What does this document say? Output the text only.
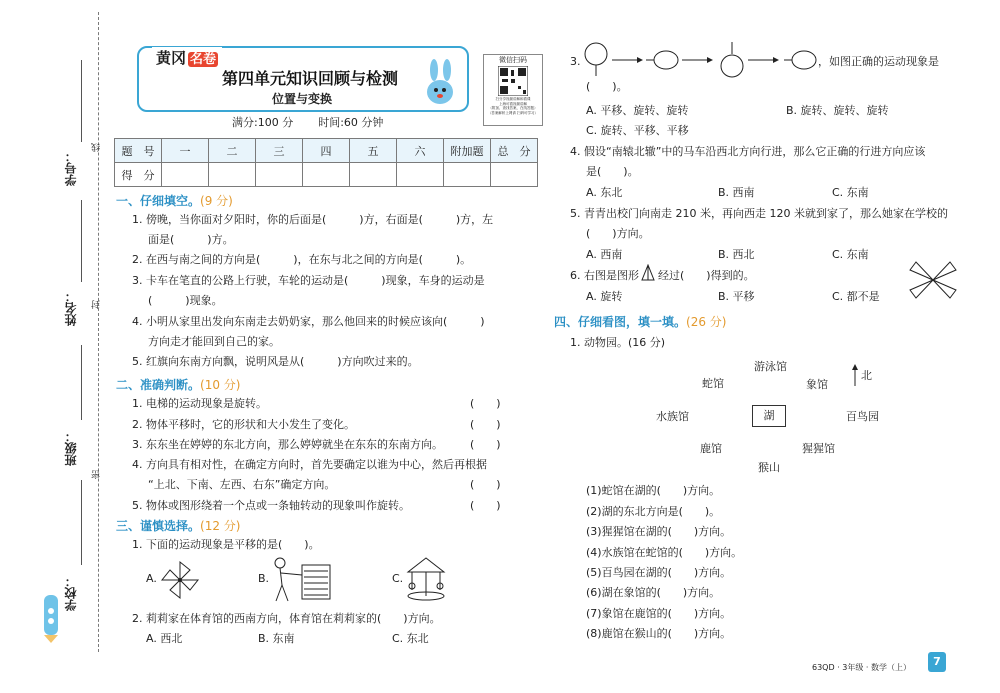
学号：
姓名：
班级：
学校：
线
封
密
黄冈 名卷
第四单元知识回顾与检测
位置与变换
微信扫码
扫分享视频讲解和看课
上海可看视频讲解
（附加、查找答案，在线答题）
（答案解析上网请 扫码可学习）
满分:100 分 时间:60 分钟
题　号	一	二	三	四	五	六	附加题	总　分
得　分								
一、仔细填空。(9 分)
1. 傍晚，当你面对夕阳时，你的后面是(　　　)方，右面是(　　　)方，左
面是(　　　)方。
2. 在西与南之间的方向是(　　　)，在东与北之间的方向是(　　　)。
3. 卡车在笔直的公路上行驶，车轮的运动是(　　　)现象，车身的运动是
(　　　)现象。
4. 小明从家里出发向东南走去奶奶家，那么他回来的时候应该向(　　　)
方向走才能回到自己的家。
5. 红旗向东南方向飘，说明风是从(　　　)方向吹过来的。
二、准确判断。(10 分)
1. 电梯的运动现象是旋转。	(　　)
2. 物体平移时，它的形状和大小发生了变化。	(　　)
3. 东东坐在婷婷的东北方向，那么婷婷就坐在东东的东南方向。 (　　)
4. 方向具有相对性，在确定方向时，首先要确定以谁为中心，然后再根据
“上北、下南、左西、右东”确定方向。	(　　)
5. 物体或图形绕着一个点或一条轴转动的现象叫作旋转。	(　　)
三、谨慎选择。(12 分)
1. 下面的运动现象是平移的是(　　)。
A.	B.	C.
2. 莉莉家在体育馆的西南方向，体育馆在莉莉家的(　　)方向。
A. 西北	B. 东南	C. 东北
3.	，如图正确的运动现象是
(　　)。
A. 平移、旋转、旋转	B. 旋转、旋转、旋转
C. 旋转、平移、平移
4. 假设“南辕北辙”中的马车沿西北方向行进，那么它正确的行进方向应该
是(　　)。
A. 东北	B. 西南	C. 东南
5. 青青出校门向南走 210 米，再向西走 120 米就到家了，那么她家在学校的
(　　)方向。
A. 西南	B. 西北	C. 东南
6. 右图是图形 经过(　　)得到的。
A. 旋转	B. 平移	C. 都不是
四、仔细看图，填一填。(26 分)
1. 动物园。(16 分)
游泳馆
蛇馆	象馆
北
水族馆	湖	百鸟园
鹿馆	猩猩馆
猴山
(1)蛇馆在湖的(　　)方向。
(2)湖的东北方向是(　　)。
(3)猩猩馆在湖的(　　)方向。
(4)水族馆在蛇馆的(　　)方向。
(5)百鸟园在湖的(　　)方向。
(6)湖在象馆的(　　)方向。
(7)象馆在鹿馆的(　　)方向。
(8)鹿馆在猴山的(　　)方向。
63QD · 3年级 · 数学（上）	7
